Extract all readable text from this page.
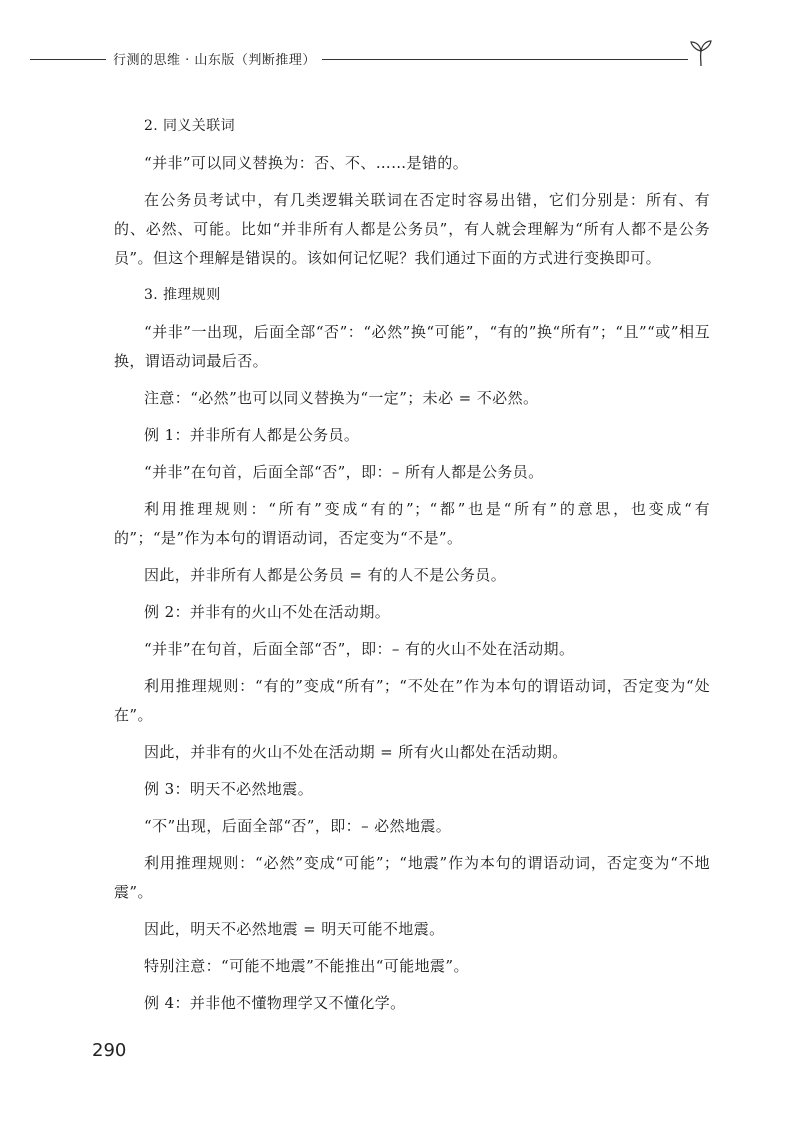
行测的思维 · 山东版（判断推理）

2. 同义关联词

“并非”可以同义替换为：否、不、……是错的。

在公务员考试中，有几类逻辑关联词在否定时容易出错，它们分别是：所有、有的、必然、可能。比如“并非所有人都是公务员”，有人就会理解为“所有人都不是公务员”。但这个理解是错误的。该如何记忆呢？我们通过下面的方式进行变换即可。

3. 推理规则

“并非”一出现，后面全部“否”：“必然”换“可能”，“有的”换“所有”；“且”“或”相互换，谓语动词最后否。

注意：“必然”也可以同义替换为“一定”；未必 = 不必然。

例 1：并非所有人都是公务员。

“并非”在句首，后面全部“否”，即：– 所有人都是公务员。

利用推理规则：“所有”变成“有的”；“都”也是“所有”的意思，也变成“有的”；“是”作为本句的谓语动词，否定变为“不是”。

因此，并非所有人都是公务员 = 有的人不是公务员。

例 2：并非有的火山不处在活动期。

“并非”在句首，后面全部“否”，即：– 有的火山不处在活动期。

利用推理规则：“有的”变成“所有”；“不处在”作为本句的谓语动词，否定变为“处在”。

因此，并非有的火山不处在活动期 = 所有火山都处在活动期。

例 3：明天不必然地震。

“不”出现，后面全部“否”，即：– 必然地震。

利用推理规则：“必然”变成“可能”；“地震”作为本句的谓语动词，否定变为“不地震”。

因此，明天不必然地震 = 明天可能不地震。

特别注意：“可能不地震”不能推出“可能地震”。

例 4：并非他不懂物理学又不懂化学。

290
